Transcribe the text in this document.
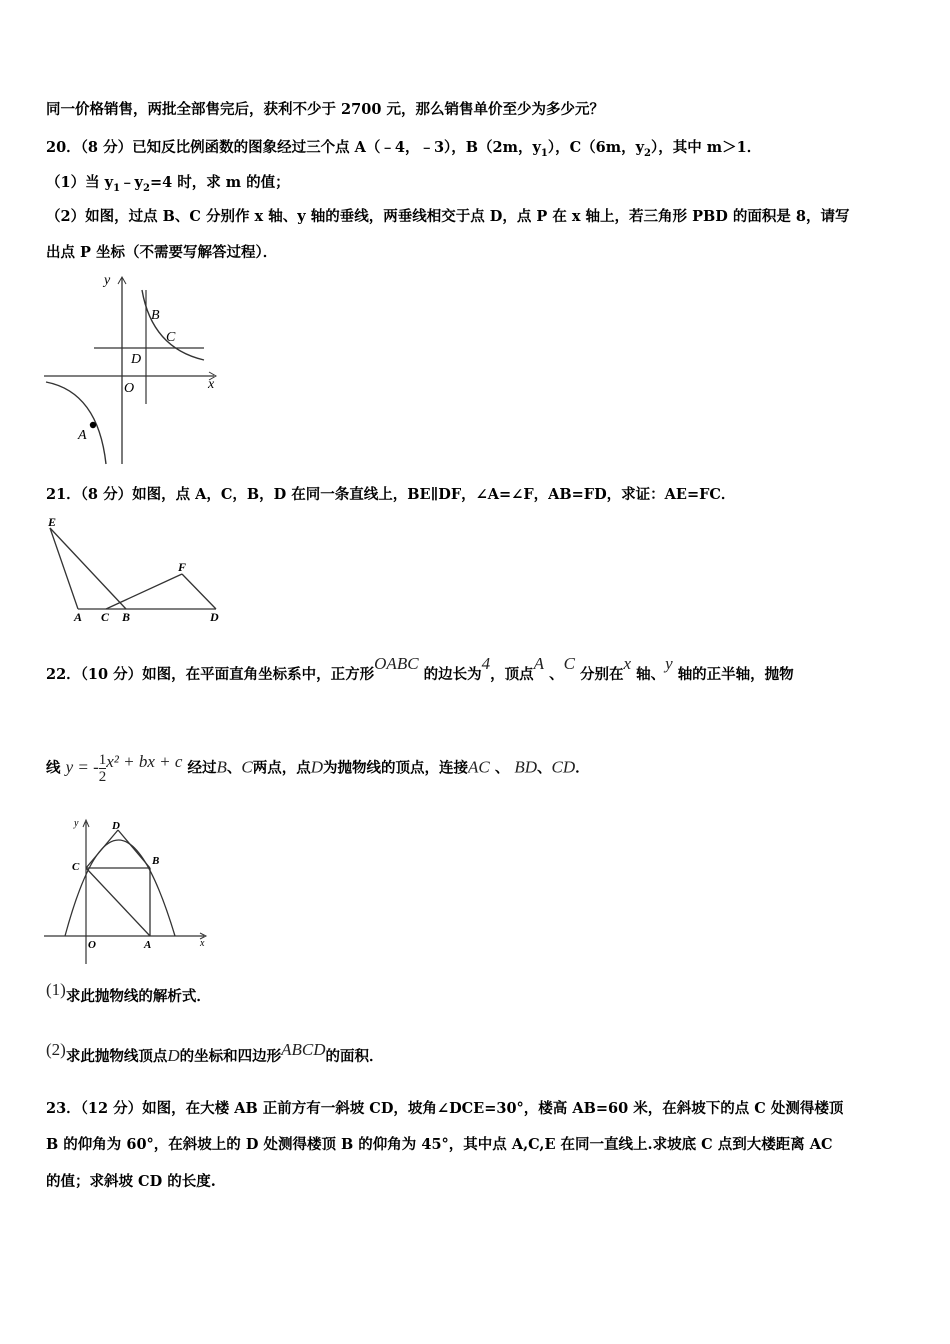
同一价格销售，两批全部售完后，获利不少于 2700 元，那么销售单价至少为多少元？
20．（8 分）已知反比例函数的图象经过三个点 A（﹣4，﹣3），B（2m，$y_1$），C（6m，$y_2$），其中 m＞1．
（1）当 $y_1﹣y_2=4$ 时，求 m 的值；
（2）如图，过点 B、C 分别作 x 轴、y 轴的垂线，两垂线相交于点 D，点 P 在 x 轴上，若三角形 PBD 的面积是 8，请写
出点 P 坐标（不需要写解答过程）．
y
x
B
C
D
O
A
21．（8 分）如图，点 A，C，B，D 在同一条直线上，BE∥DF，∠A=∠F，AB=FD，求证：AE=FC．
E
F
A C B	D
22．（10 分）如图，在平面直角坐标系中，正方形OABC 的边长为4，顶点A 、C 分别在x 轴、y 轴的正半轴，抛物
线 y = - $\frac{1}{2} x^2$ + bx + c 经过B、C两点，点D为抛物线的顶点，连接AC 、 BD、CD．
y
x
D
C	B
O	A
(1)求此抛物线的解析式．
(2)求此抛物线顶点D的坐标和四边形ABCD的面积．
23．（12 分）如图，在大楼 AB 正前方有一斜坡 CD，坡角∠DCE=30°，楼高 AB=60 米，在斜坡下的点 C 处测得楼顶
B 的仰角为 60°，在斜坡上的 D 处测得楼顶 B 的仰角为 45°，其中点 A,C,E 在同一直线上.求坡底 C 点到大楼距离 AC
的值；求斜坡 CD 的长度.
